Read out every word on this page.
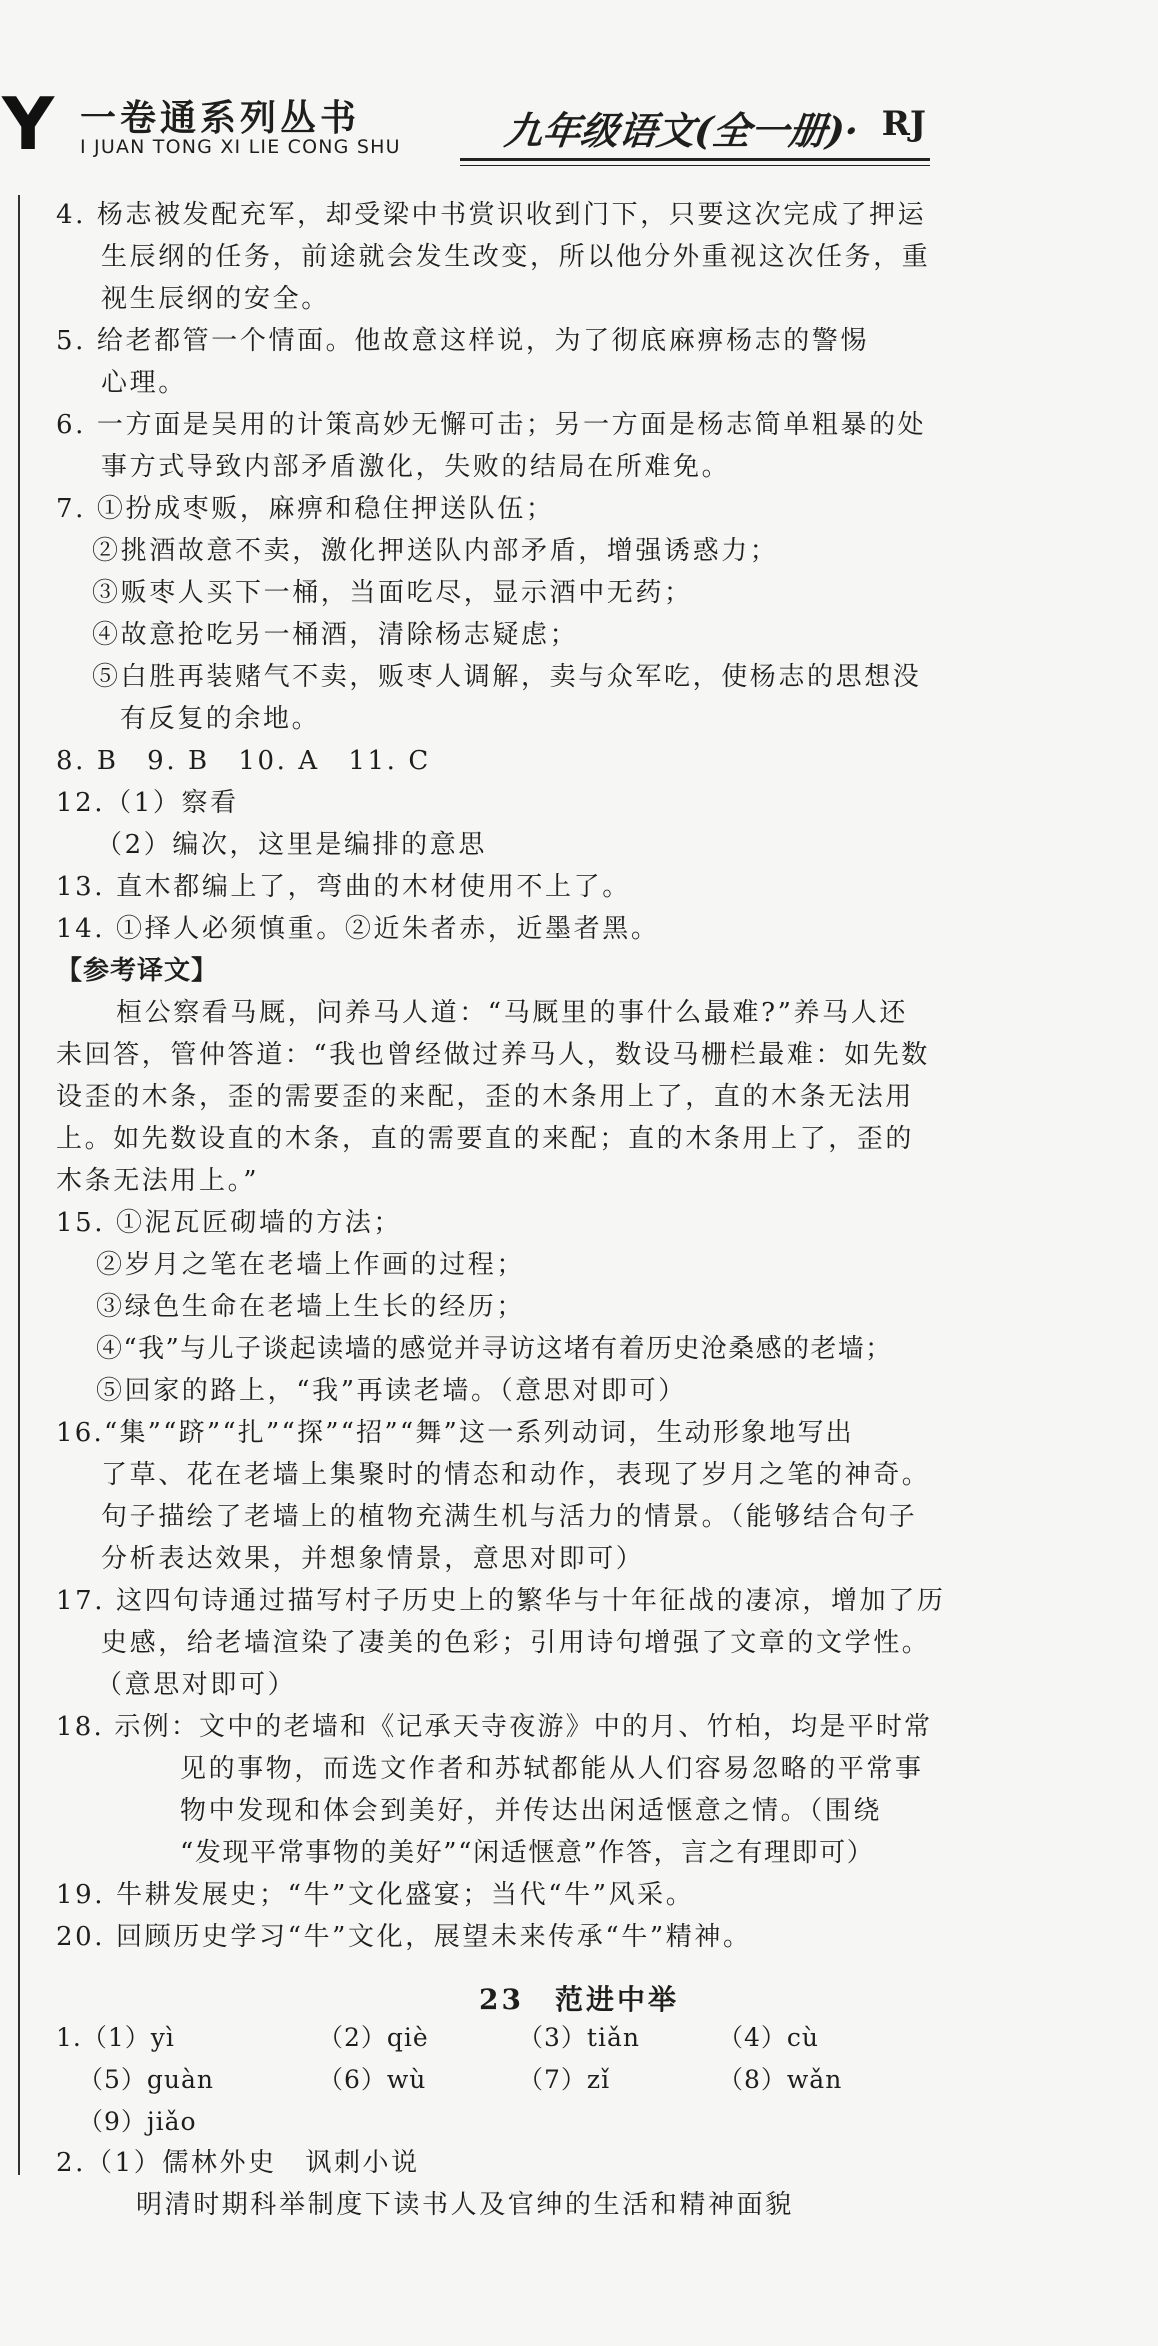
Y 一卷通系列丛书
I JUAN TONG XI LIE CONG SHU	九年级语文(全一册)· RJ
4. 杨志被发配充军，却受梁中书赏识收到门下，只要这次完成了押运
生辰纲的任务，前途就会发生改变，所以他分外重视这次任务，重
视生辰纲的安全。
5. 给老都管一个情面。他故意这样说，为了彻底麻痹杨志的警惕
心理。
6. 一方面是吴用的计策高妙无懈可击；另一方面是杨志简单粗暴的处
事方式导致内部矛盾激化，失败的结局在所难免。
7. ①扮成枣贩，麻痹和稳住押送队伍；
②挑酒故意不卖，激化押送队内部矛盾，增强诱惑力；
③贩枣人买下一桶，当面吃尽，显示酒中无药；
④故意抢吃另一桶酒，清除杨志疑虑；
⑤白胜再装赌气不卖，贩枣人调解，卖与众军吃，使杨志的思想没
有反复的余地。
8. B　9. B　10. A　11. C
12.（1）察看
（2）编次，这里是编排的意思
13. 直木都编上了，弯曲的木材使用不上了。
14. ①择人必须慎重。②近朱者赤，近墨者黑。
【参考译文】
桓公察看马厩，问养马人道：“马厩里的事什么最难?”养马人还
未回答，管仲答道：“我也曾经做过养马人，数设马栅栏最难：如先数
设歪的木条，歪的需要歪的来配，歪的木条用上了，直的木条无法用
上。如先数设直的木条，直的需要直的来配；直的木条用上了，歪的
木条无法用上。”
15. ①泥瓦匠砌墙的方法；
②岁月之笔在老墙上作画的过程；
③绿色生命在老墙上生长的经历；
④“我”与儿子谈起读墙的感觉并寻访这堵有着历史沧桑感的老墙；
⑤回家的路上，“我”再读老墙。（意思对即可）
16.“集”“跻”“扎”“探”“招”“舞”这一系列动词，生动形象地写出
了草、花在老墙上集聚时的情态和动作，表现了岁月之笔的神奇。
句子描绘了老墙上的植物充满生机与活力的情景。（能够结合句子
分析表达效果，并想象情景，意思对即可）
17. 这四句诗通过描写村子历史上的繁华与十年征战的凄凉，增加了历
史感，给老墙渲染了凄美的色彩；引用诗句增强了文章的文学性。
（意思对即可）
18. 示例：文中的老墙和《记承天寺夜游》中的月、竹柏，均是平时常
见的事物，而选文作者和苏轼都能从人们容易忽略的平常事
物中发现和体会到美好，并传达出闲适惬意之情。（围绕
“发现平常事物的美好”“闲适惬意”作答，言之有理即可）
19. 牛耕发展史；“牛”文化盛宴；当代“牛”风采。
20. 回顾历史学习“牛”文化，展望未来传承“牛”精神。
23　范进中举
1.（1）yì	（2）qiè	（3）tiǎn	（4）cù
（5）guàn	（6）wù	（7）zǐ	（8）wǎn
（9）jiǎo
2.（1）儒林外史　讽刺小说
明清时期科举制度下读书人及官绅的生活和精神面貌
